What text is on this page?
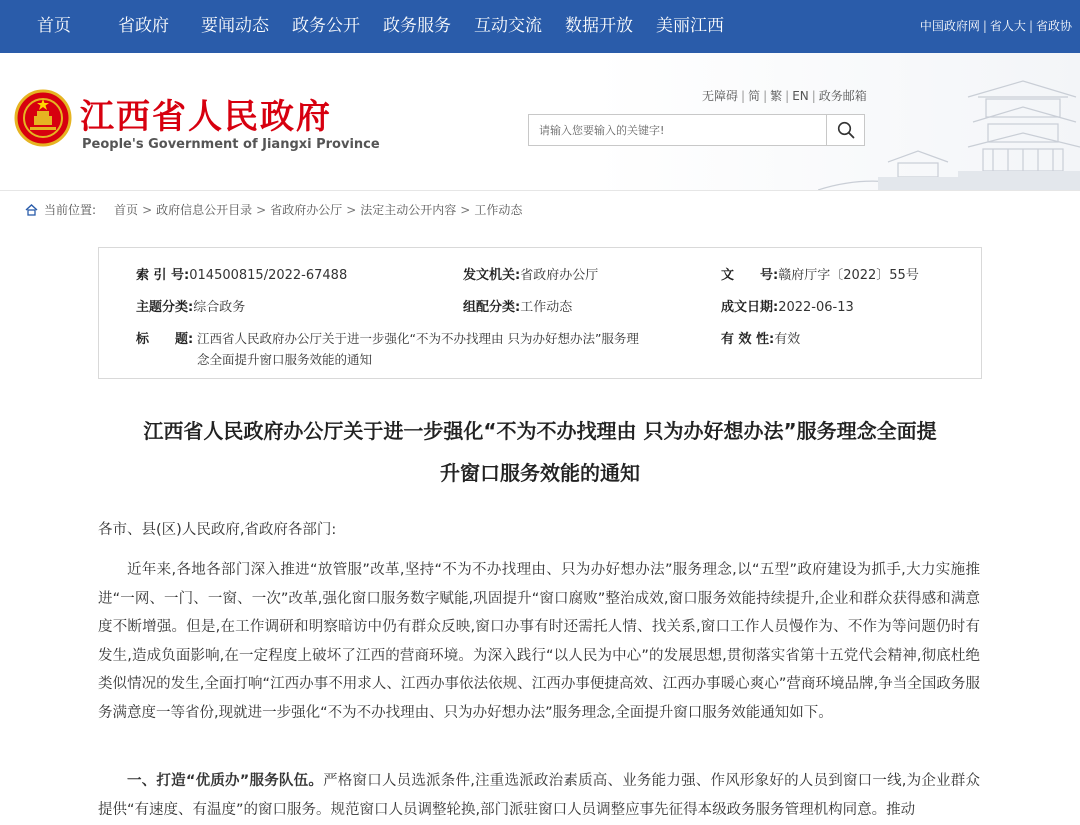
首页	省政府 要闻动态 政务公开 政务服务 互动交流 数据开放 美丽江西	中国政府网 | 省人大 | 省政协
江西省人民政府
People's Government of Jiangxi Province
无障碍 | 简 | 繁 | EN | 政务邮箱
请输入您要输入的关键字!
当前位置: 首页 > 政府信息公开目录 > 省政府办公厅 > 法定主动公开内容 > 工作动态
索 引 号:014500815/2022-67488	发文机关:省政府办公厅	文　　号:赣府厅字〔2022〕55号
主题分类:综合政务	组配分类:工作动态	成文日期:2022-06-13
标　　题: 江西省人民政府办公厅关于进一步强化“不为不办找理由 只为办好想办法”服务理
念全面提升窗口服务效能的通知
有 效 性:有效
江西省人民政府办公厅关于进一步强化“不为不办找理由 只为办好想办法”服务理念全面提
升窗口服务效能的通知
各市、县(区)人民政府,省政府各部门:
近年来,各地各部门深入推进“放管服”改革,坚持“不为不办找理由、只为办好想办法”服务理念,以“五型”政府建设为抓手,大力实施推进“一网、一门、一窗、一次”改革,强化窗口服务数字赋能,巩固提升“窗口腐败”整治成效,窗口服务效能持续提升,企业和群众获得感和满意度不断增强。但是,在工作调研和明察暗访中仍有群众反映,窗口办事有时还需托人情、找关系,窗口工作人员慢作为、不作为等问题仍时有发生,造成负面影响,在一定程度上破坏了江西的营商环境。为深入践行“以人民为中心”的发展思想,贯彻落实省第十五党代会精神,彻底杜绝类似情况的发生,全面打响“江西办事不用求人、江西办事依法依规、江西办事便捷高效、江西办事暖心爽心”营商环境品牌,争当全国政务服务满意度一等省份,现就进一步强化“不为不办找理由、只为办好想办法”服务理念,全面提升窗口服务效能通知如下。
一、打造“优质办”服务队伍。严格窗口人员选派条件,注重选派政治素质高、业务能力强、作风形象好的人员到窗口一线,为企业群众提供“有速度、有温度”的窗口服务。规范窗口人员调整轮换,部门派驻窗口人员调整应事先征得本级政务服务管理机构同意。推动
